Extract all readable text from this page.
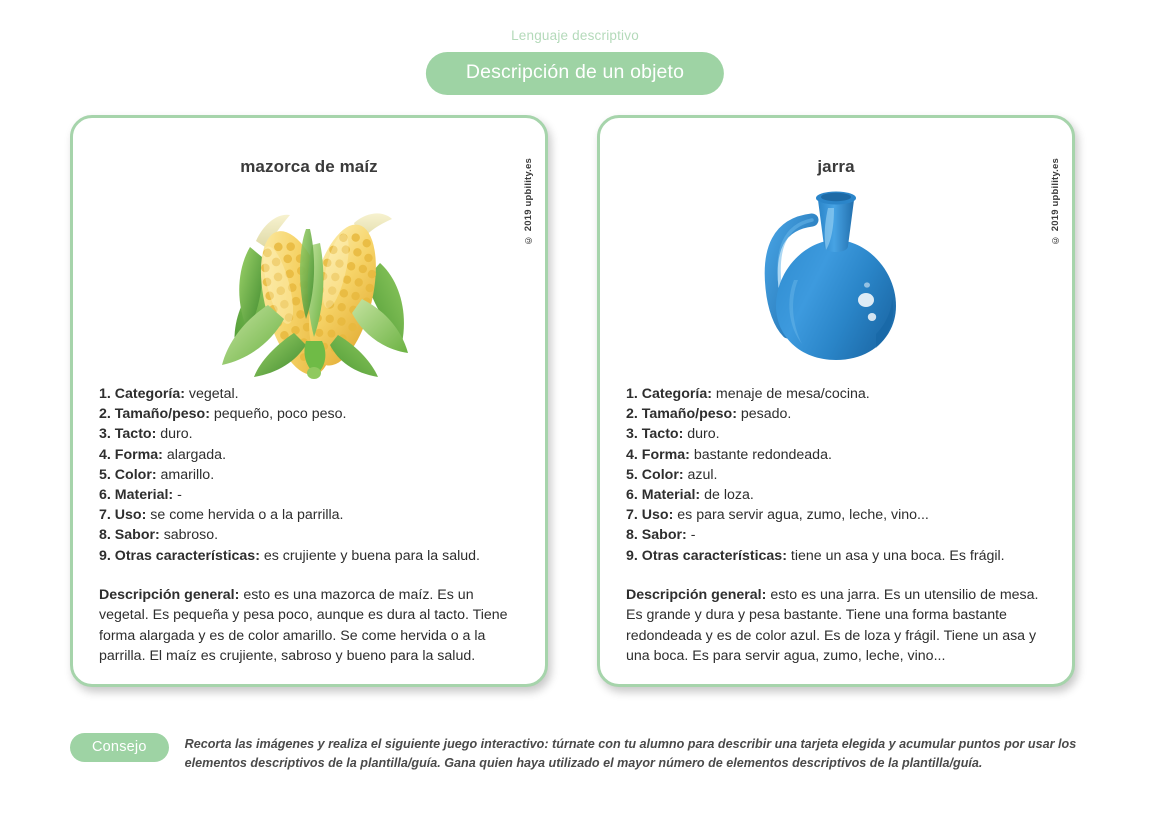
Lenguaje descriptivo
Descripción de un objeto
mazorca de maíz	© 2019 upbility.es
1. Categoría: vegetal.
2. Tamaño/peso: pequeño, poco peso.
3. Tacto: duro.
4. Forma: alargada.
5. Color: amarillo.
6. Material: -
7. Uso: se come hervida o a la parrilla.
8. Sabor: sabroso.
9. Otras características: es crujiente y buena para la salud.

Descripción general: esto es una mazorca de maíz. Es un vegetal. Es pequeña y pesa poco, aunque es dura al tacto. Tiene forma alargada y es de color amarillo. Se come hervida o a la parrilla. El maíz es crujiente, sabroso y bueno para la salud.

jarra	© 2019 upbility.es
1. Categoría: menaje de mesa/cocina.
2. Tamaño/peso: pesado.
3. Tacto: duro.
4. Forma: bastante redondeada.
5. Color: azul.
6. Material: de loza.
7. Uso: es para servir agua, zumo, leche, vino...
8. Sabor: -
9. Otras características: tiene un asa y una boca. Es frágil.

Descripción general: esto es una jarra. Es un utensilio de mesa. Es grande y dura y pesa bastante. Tiene una forma bastante redondeada y es de color azul. Es de loza y frágil. Tiene un asa y una boca. Es para servir agua, zumo, leche, vino...

Consejo	Recorta las imágenes y realiza el siguiente juego interactivo: túrnate con tu alumno para describir una tarjeta elegida y acumular puntos por usar los elementos descriptivos de la plantilla/guía. Gana quien haya utilizado el mayor número de elementos descriptivos de la plantilla/guía.
